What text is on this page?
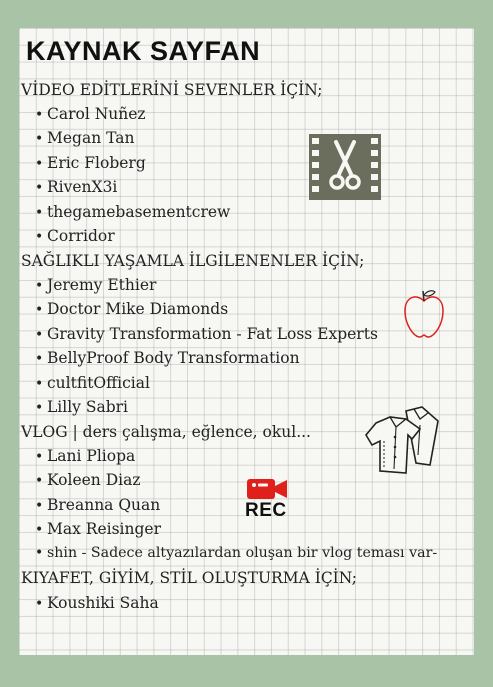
KAYNAK SAYFAN
VİDEO EDİTLERİNİ SEVENLER İÇİN;
• Carol Nuñez
• Megan Tan
• Eric Floberg
• RivenX3i
• thegamebasementcrew
• Corridor
SAĞLIKLI YAŞAMLA İLGİLENENLER İÇİN;
• Jeremy Ethier
• Doctor Mike Diamonds
• Gravity Transformation - Fat Loss Experts
• BellyProof Body Transformation
• cultfitOfficial
• Lilly Sabri
VLOG | ders çalışma, eğlence, okul...
• Lani Pliopa
• Koleen Diaz
• Breanna Quan
• Max Reisinger
• shin - Sadece altyazılardan oluşan bir vlog teması var-
KIYAFET, GİYİM, STİL OLUŞTURMA İÇİN;
• Koushiki Saha
REC
